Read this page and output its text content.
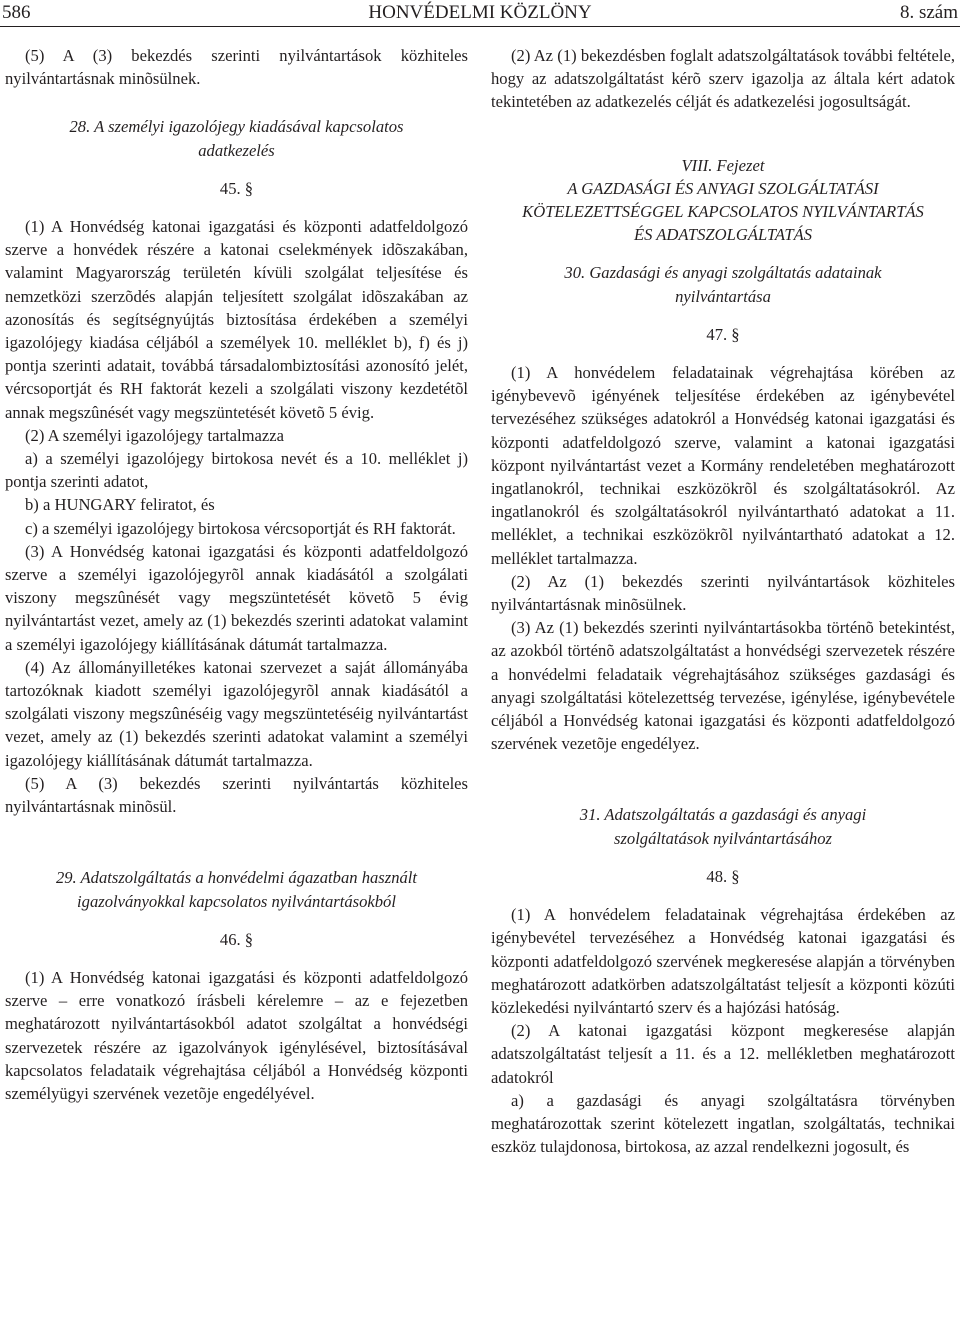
586	HONVÉDELMI KÖZLÖNY	8. szám

(5) A (3) bekezdés szerinti nyilvántartások közhiteles nyilvántartásnak minõsülnek.

28. A személyi igazolójegy kiadásával kapcsolatos adatkezelés
45. §

(1) A Honvédség katonai igazgatási és központi adatfeldolgozó szerve a honvédek részére a katonai cselekmények idõszakában, valamint Magyarország területén kívüli szolgálat teljesítése és nemzetközi szerzõdés alapján teljesített szolgálat idõszakában az azonosítás és segítségnyújtás biztosítása érdekében a személyi igazolójegy kiadása céljából a személyek 10. melléklet b), f) és j) pontja szerinti adatait, továbbá társadalombiztosítási azonosító jelét, vércsoportját és RH faktorát kezeli a szolgálati viszony kezdetétõl annak megszûnését vagy megszüntetését követõ 5 évig.

(2) A személyi igazolójegy tartalmazza

a) a személyi igazolójegy birtokosa nevét és a 10. melléklet j) pontja szerinti adatot,

b) a HUNGARY feliratot, és

c) a személyi igazolójegy birtokosa vércsoportját és RH faktorát.

(3) A Honvédség katonai igazgatási és központi adatfeldolgozó szerve a személyi igazolójegyrõl annak kiadásától a szolgálati viszony megszûnését vagy megszüntetését követõ 5 évig nyilvántartást vezet, amely az (1) bekezdés szerinti adatokat valamint a személyi igazolójegy kiállításának dátumát tartalmazza.

(4) Az állományilletékes katonai szervezet a saját állományába tartozóknak kiadott személyi igazolójegyrõl annak kiadásától a szolgálati viszony megszûnéséig vagy megszüntetéséig nyilvántartást vezet, amely az (1) bekezdés szerinti adatokat valamint a személyi igazolójegy kiállításának dátumát tartalmazza.

(5) A (3) bekezdés szerinti nyilvántartás közhiteles nyilvántartásnak minõsül.

29. Adatszolgáltatás a honvédelmi ágazatban használt igazolványokkal kapcsolatos nyilvántartásokból
46. §

(1) A Honvédség katonai igazgatási és központi adatfeldolgozó szerve – erre vonatkozó írásbeli kérelemre – az e fejezetben meghatározott nyilvántartásokból adatot szolgáltat a honvédségi szervezetek részére az igazolványok igénylésével, biztosításával kapcsolatos feladataik végrehajtása céljából a Honvédség központi személyügyi szervének vezetõje engedélyével.

(2) Az (1) bekezdésben foglalt adatszolgáltatások további feltétele, hogy az adatszolgáltatást kérõ szerv igazolja az általa kért adatok tekintetében az adatkezelés célját és adatkezelési jogosultságát.

VIII. Fejezet
A GAZDASÁGI ÉS ANYAGI SZOLGÁLTATÁSI KÖTELEZETTSÉGGEL KAPCSOLATOS NYILVÁNTARTÁS ÉS ADATSZOLGÁLTATÁS
30. Gazdasági és anyagi szolgáltatás adatainak nyilvántartása
47. §

(1) A honvédelem feladatainak végrehajtása körében az igénybevevõ igényének teljesítése érdekében az igénybevétel tervezéséhez szükséges adatokról a Honvédség katonai igazgatási és központi adatfeldolgozó szerve, valamint a katonai igazgatási központ nyilvántartást vezet a Kormány rendeletében meghatározott ingatlanokról, technikai eszközökrõl és szolgáltatásokról. Az ingatlanokról és szolgáltatásokról nyilvántartható adatokat a 11. melléklet, a technikai eszközökrõl nyilvántartható adatokat a 12. melléklet tartalmazza.

(2) Az (1) bekezdés szerinti nyilvántartások közhiteles nyilvántartásnak minõsülnek.

(3) Az (1) bekezdés szerinti nyilvántartásokba történõ betekintést, az azokból történõ adatszolgáltatást a honvédségi szervezetek részére a honvédelmi feladataik végrehajtásához szükséges gazdasági és anyagi szolgáltatási kötelezettség tervezése, igénylése, igénybevétele céljából a Honvédség katonai igazgatási és központi adatfeldolgozó szervének vezetõje engedélyez.

31. Adatszolgáltatás a gazdasági és anyagi szolgáltatások nyilvántartásához
48. §

(1) A honvédelem feladatainak végrehajtása érdekében az igénybevétel tervezéséhez a Honvédség katonai igazgatási és központi adatfeldolgozó szervének megkeresése alapján a törvényben meghatározott adatkörben adatszolgáltatást teljesít a központi közúti közlekedési nyilvántartó szerv és a hajózási hatóság.

(2) A katonai igazgatási központ megkeresése alapján adatszolgáltatást teljesít a 11. és a 12. mellékletben meghatározott adatokról

a) a gazdasági és anyagi szolgáltatásra törvényben meghatározottak szerint kötelezett ingatlan, szolgáltatás, technikai eszköz tulajdonosa, birtokosa, az azzal rendelkezni jogosult, és
